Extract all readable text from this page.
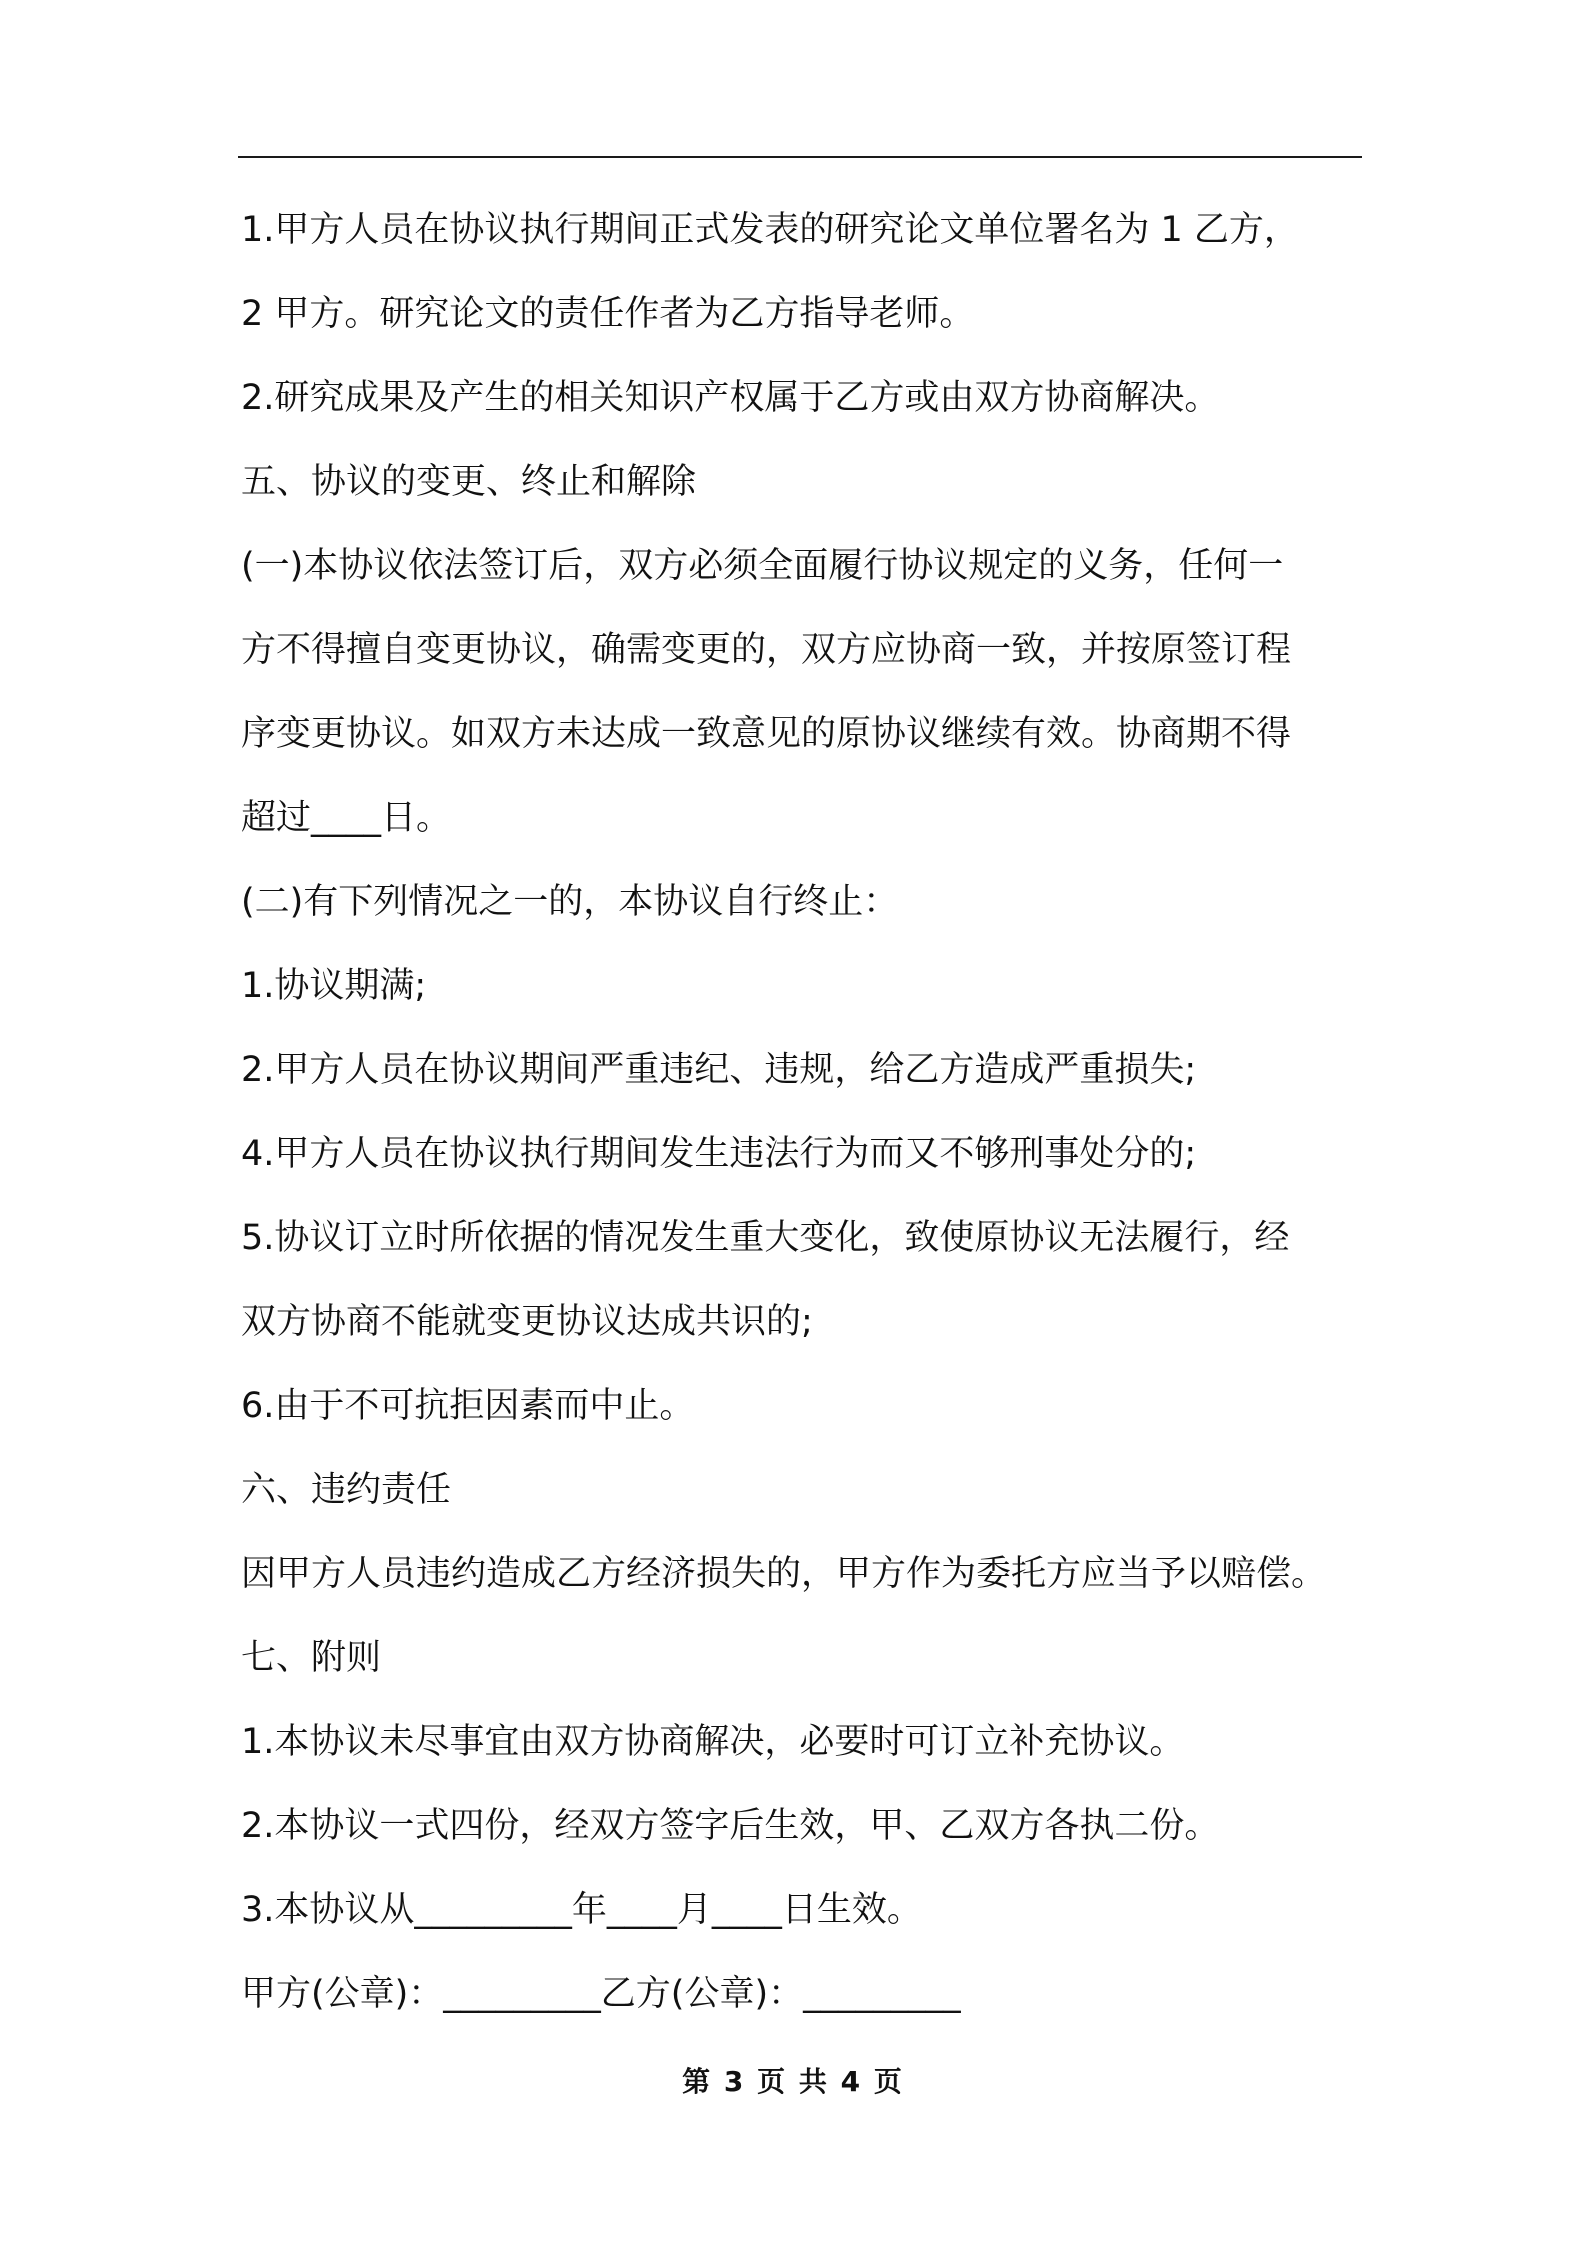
1.甲方人员在协议执行期间正式发表的研究论文单位署名为 1 乙方，
2 甲方。研究论文的责任作者为乙方指导老师。
2.研究成果及产生的相关知识产权属于乙方或由双方协商解决。
五、协议的变更、终止和解除
(一)本协议依法签订后，双方必须全面履行协议规定的义务，任何一
方不得擅自变更协议，确需变更的，双方应协商一致，并按原签订程
序变更协议。如双方未达成一致意见的原协议继续有效。协商期不得
超过____日。
(二)有下列情况之一的，本协议自行终止：
1.协议期满;
2.甲方人员在协议期间严重违纪、违规，给乙方造成严重损失;
4.甲方人员在协议执行期间发生违法行为而又不够刑事处分的;
5.协议订立时所依据的情况发生重大变化，致使原协议无法履行，经
双方协商不能就变更协议达成共识的;
6.由于不可抗拒因素而中止。
六、违约责任
因甲方人员违约造成乙方经济损失的，甲方作为委托方应当予以赔偿。
七、附则
1.本协议未尽事宜由双方协商解决，必要时可订立补充协议。
2.本协议一式四份，经双方签字后生效，甲、乙双方各执二份。
3.本协议从_________年____月____日生效。
甲方(公章)：_________乙方(公章)：_________
第 3 页 共 4 页
